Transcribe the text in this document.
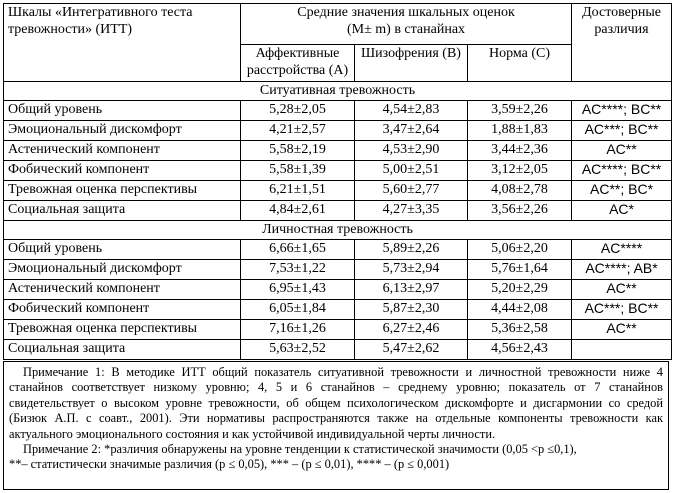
Шкалы «Интегративного теста тревожности» (ИТТ)	Средние значения шкальных оценок
(M± m) в станайнах			Достоверные различия
	Аффективные расстройства (A)	Шизофрения (B)	Норма (C)	
Ситуативная тревожность				
Общий уровень	5,28±2,05	4,54±2,83	3,59±2,26	AC****; BC**
Эмоциональный дискомфорт	4,21±2,57	3,47±2,64	1,88±1,83	AC***; BC**
Астенический компонент	5,58±2,19	4,53±2,90	3,44±2,36	AC**
Фобический компонент	5,58±1,39	5,00±2,51	3,12±2,05	AC****; BC**
Тревожная оценка перспективы	6,21±1,51	5,60±2,77	4,08±2,78	AC**; BC*
Социальная защита	4,84±2,61	4,27±3,35	3,56±2,26	AC*
Личностная тревожность				
Общий уровень	6,66±1,65	5,89±2,26	5,06±2,20	AC****
Эмоциональный дискомфорт	7,53±1,22	5,73±2,94	5,76±1,64	AC****; AB*
Астенический компонент	6,95±1,43	6,13±2,97	5,20±2,29	AC**
Фобический компонент	6,05±1,84	5,87±2,30	4,44±2,08	AC***; BC**
Тревожная оценка перспективы	7,16±1,26	6,27±2,46	5,36±2,58	AC**
Социальная защита	5,63±2,52	5,47±2,62	4,56±2,43	

Примечание 1: В методике ИТТ общий показатель ситуативной тревожности и личностной тревожности ниже 4 станайнов соответствует низкому уровню; 4, 5 и 6 станайнов – среднему уровню; показатель от 7 станайнов свидетельствует о высоком уровне тревожности, об общем психологическом дискомфорте и дисгармонии со средой (Бизюк А.П. с соавт., 2001). Эти нормативы распространяются также на отдельные компоненты тревожности как актуального эмоционального состояния и как устойчивой индивидуальной черты личности.

Примечание 2: *различия обнаружены на уровне тенденции к статистической значимости (0,05 <p ≤0,1),

**– статистически значимые различия (p ≤ 0,05), *** – (p ≤ 0,01), **** – (p ≤ 0,001)
